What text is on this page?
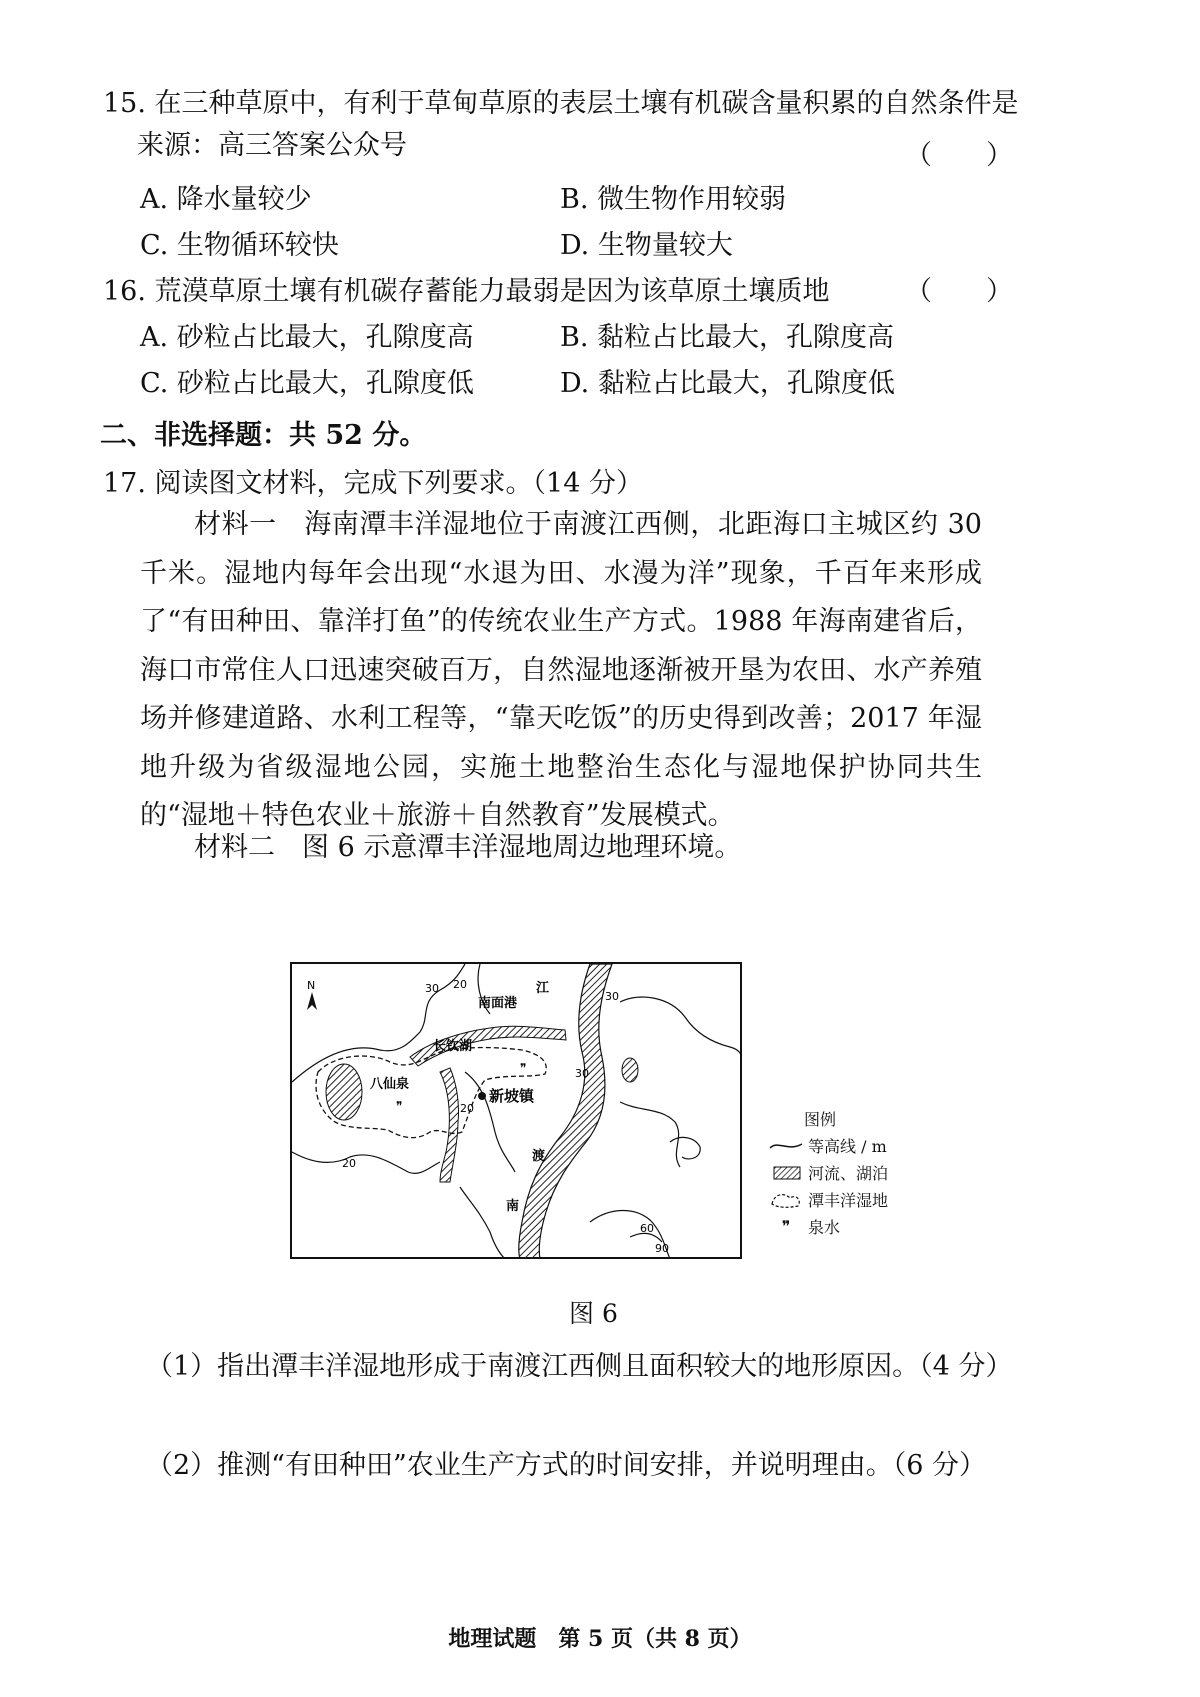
15. 在三种草原中，有利于草甸草原的表层土壤有机碳含量积累的自然条件是
来源：高三答案公众号	（　　）
A. 降水量较少	B. 微生物作用较弱
C. 生物循环较快	D. 生物量较大
16. 荒漠草原土壤有机碳存蓄能力最弱是因为该草原土壤质地	（　　）
A. 砂粒占比最大，孔隙度高	B. 黏粒占比最大，孔隙度高
C. 砂粒占比最大，孔隙度低	D. 黏粒占比最大，孔隙度低
二、非选择题：共 52 分。
17. 阅读图文材料，完成下列要求。（14 分）
材料一　海南潭丰洋湿地位于南渡江西侧，北距海口主城区约 30 千米。湿地内每年会出现“水退为田、水漫为洋”现象，千百年来形成了“有田种田、靠洋打鱼”的传统农业生产方式。1988 年海南建省后，海口市常住人口迅速突破百万，自然湿地逐渐被开垦为农田、水产养殖场并修建道路、水利工程等，“靠天吃饭”的历史得到改善；2017 年湿地升级为省级湿地公园，实施土地整治生态化与湿地保护协同共生的“湿地＋特色农业＋旅游＋自然教育”发展模式。
材料二　图 6 示意潭丰洋湿地周边地理环境。
❞
❞
N
南面港
江
长钦湖
八仙泉
新坡镇
渡
南
30 20
30
30
20
60
90
20
图例
等高线 / m
河流、湖泊
潭丰洋湿地
❞	泉水
图 6
（1）指出潭丰洋湿地形成于南渡江西侧且面积较大的地形原因。（4 分）
（2）推测“有田种田”农业生产方式的时间安排，并说明理由。（6 分）
地理试题　第 5 页（共 8 页）
